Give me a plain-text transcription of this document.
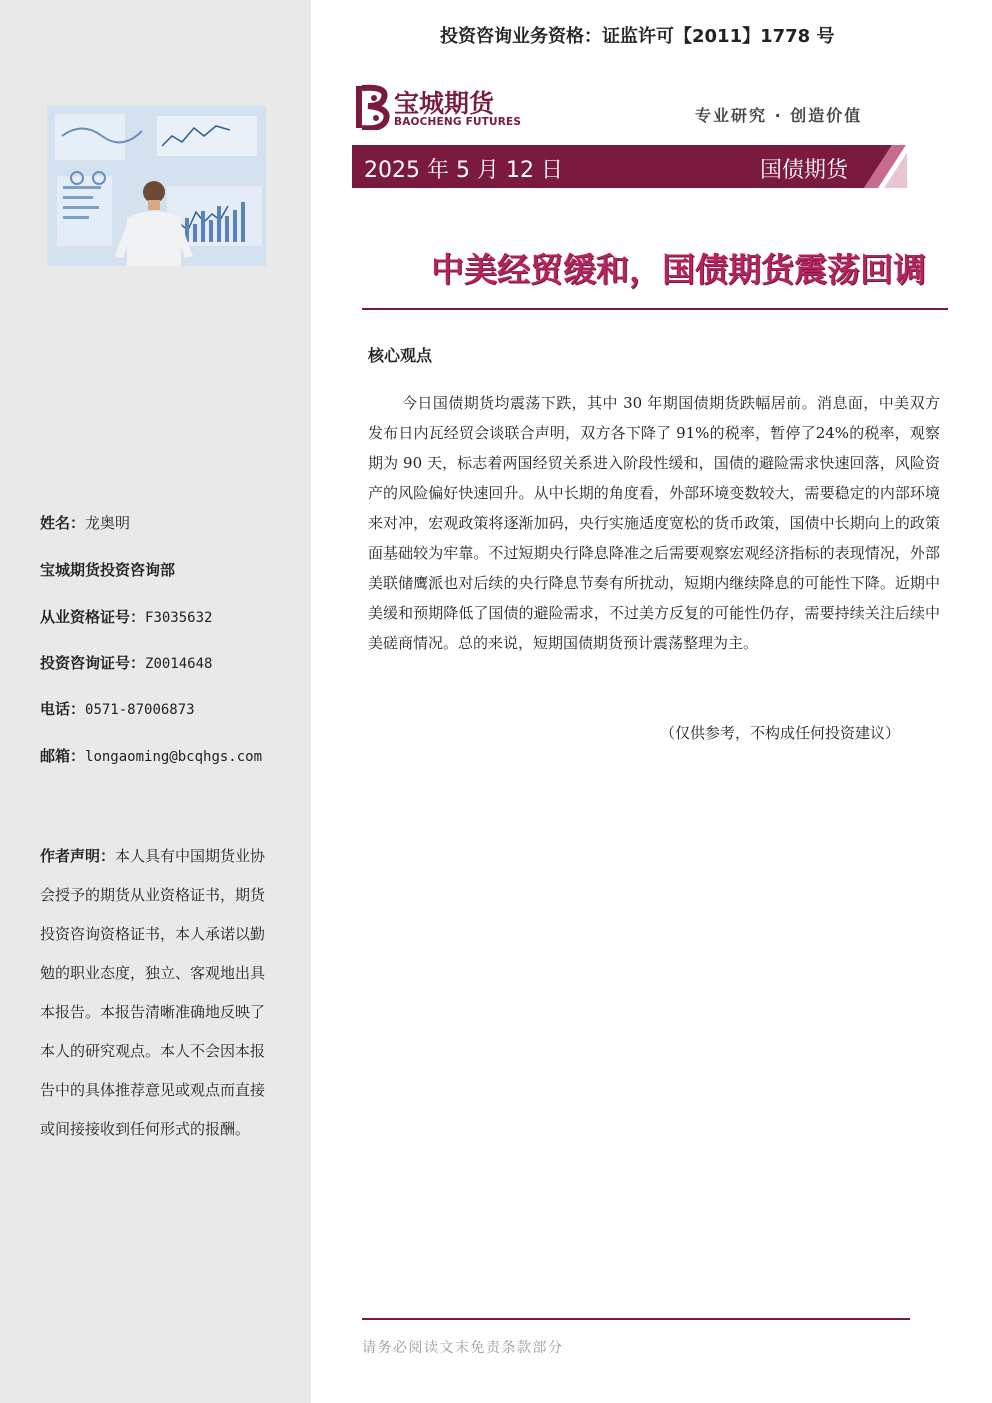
姓名：龙奥明
宝城期货投资咨询部
从业资格证号：F3035632
投资咨询证号：Z0014648
电话：0571-87006873
邮箱：longaoming@bcqhgs.com
作者声明：本人具有中国期货业协会授予的期货从业资格证书，期货投资咨询资格证书，本人承诺以勤勉的职业态度，独立、客观地出具本报告。本报告清晰准确地反映了本人的研究观点。本人不会因本报告中的具体推荐意见或观点而直接或间接接收到任何形式的报酬。
投资咨询业务资格：证监许可【2011】1778 号
宝城期货
BAOCHENG FUTURES	专业研究 · 创造价值
2025 年 5 月 12 日	国债期货
中美经贸缓和，国债期货震荡回调
核心观点
今日国债期货均震荡下跌，其中 30 年期国债期货跌幅居前。消息面，中美双方发布日内瓦经贸会谈联合声明，双方各下降了 91%的税率，暂停了24%的税率，观察期为 90 天，标志着两国经贸关系进入阶段性缓和，国债的避险需求快速回落，风险资产的风险偏好快速回升。从中长期的角度看，外部环境变数较大，需要稳定的内部环境来对冲，宏观政策将逐渐加码，央行实施适度宽松的货币政策，国债中长期向上的政策面基础较为牢靠。不过短期央行降息降准之后需要观察宏观经济指标的表现情况，外部美联储鹰派也对后续的央行降息节奏有所扰动，短期内继续降息的可能性下降。近期中美缓和预期降低了国债的避险需求，不过美方反复的可能性仍存，需要持续关注后续中美磋商情况。总的来说，短期国债期货预计震荡整理为主。
（仅供参考，不构成任何投资建议）
请务必阅读文末免责条款部分
